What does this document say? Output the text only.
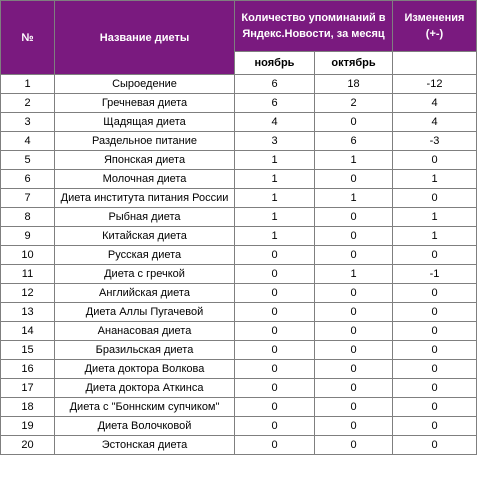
№	Название диеты	Количество упоминаний в Яндекс.Новости, за месяц		Изменения (+-)
		ноябрь	октябрь	
1	Сыроедение	6	18	-12
2	Гречневая диета	6	2	4
3	Щадящая диета	4	0	4
4	Раздельное питание	3	6	-3
5	Японская диета	1	1	0
6	Молочная диета	1	0	1
7	Диета института питания России	1	1	0
8	Рыбная диета	1	0	1
9	Китайская диета	1	0	1
10	Русская диета	0	0	0
11	Диета с гречкой	0	1	-1
12	Английская диета	0	0	0
13	Диета Аллы Пугачевой	0	0	0
14	Ананасовая диета	0	0	0
15	Бразильская диета	0	0	0
16	Диета доктора Волкова	0	0	0
17	Диета доктора Аткинса	0	0	0
18	Диета с "Боннским супчиком"	0	0	0
19	Диета Волочковой	0	0	0
20	Эстонская диета	0	0	0
